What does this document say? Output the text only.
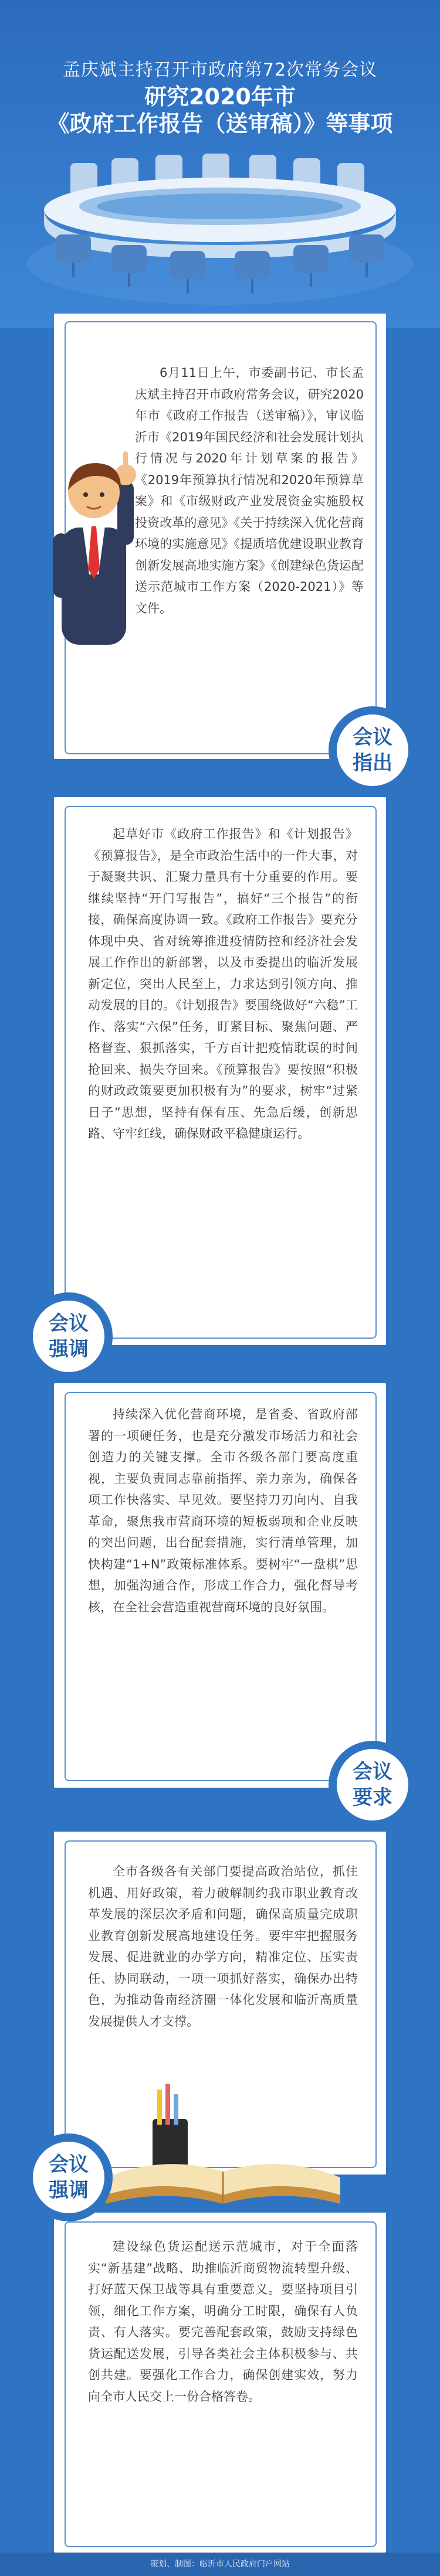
孟庆斌主持召开市政府第72次常务会议
研究2020年市
《政府工作报告（送审稿）》等事项
6月11日上午，市委副书记、市长孟庆斌主持召开市政府常务会议，研究2020年市《政府工作报告（送审稿）》，审议临沂市《2019年国民经济和社会发展计划执行情况与2020年计划草案的报告》《2019年预算执行情况和2020年预算草案》和《市级财政产业发展资金实施股权投资改革的意见》《关于持续深入优化营商环境的实施意见》《提质培优建设职业教育创新发展高地实施方案》《创建绿色货运配送示范城市工作方案（2020-2021）》等文件。
起草好市《政府工作报告》和《计划报告》《预算报告》，是全市政治生活中的一件大事，对于凝聚共识、汇聚力量具有十分重要的作用。要继续坚持“开门写报告”，搞好“三个报告”的衔接，确保高度协调一致。《政府工作报告》要充分体现中央、省对统筹推进疫情防控和经济社会发展工作作出的新部署，以及市委提出的临沂发展新定位，突出人民至上，力求达到引领方向、推动发展的目的。《计划报告》要围绕做好“六稳”工作、落实“六保”任务，盯紧目标、聚焦问题、严格督查、狠抓落实，千方百计把疫情耽误的时间抢回来、损失夺回来。《预算报告》要按照“积极的财政政策要更加积极有为”的要求，树牢“过紧日子”思想，坚持有保有压、先急后缓，创新思路、守牢红线，确保财政平稳健康运行。
持续深入优化营商环境，是省委、省政府部署的一项硬任务，也是充分激发市场活力和社会创造力的关键支撑。全市各级各部门要高度重视，主要负责同志靠前指挥、亲力亲为，确保各项工作快落实、早见效。要坚持刀刃向内、自我革命，聚焦我市营商环境的短板弱项和企业反映的突出问题，出台配套措施，实行清单管理，加快构建“1+N”政策标准体系。要树牢“一盘棋”思想，加强沟通合作，形成工作合力，强化督导考核，在全社会营造重视营商环境的良好氛围。
全市各级各有关部门要提高政治站位，抓住机遇、用好政策，着力破解制约我市职业教育改革发展的深层次矛盾和问题，确保高质量完成职业教育创新发展高地建设任务。要牢牢把握服务发展、促进就业的办学方向，精准定位、压实责任、协同联动，一项一项抓好落实，确保办出特色，为推动鲁南经济圈一体化发展和临沂高质量发展提供人才支撑。
建设绿色货运配送示范城市，对于全面落实“新基建”战略、助推临沂商贸物流转型升级、打好蓝天保卫战等具有重要意义。要坚持项目引领，细化工作方案，明确分工时限，确保有人负责、有人落实。要完善配套政策，鼓励支持绿色货运配送发展，引导各类社会主体积极参与、共创共建。要强化工作合力，确保创建实效，努力向全市人民交上一份合格答卷。
会议
指出
会议
强调
会议
要求
会议
强调
策划、制图：临沂市人民政府门户网站
